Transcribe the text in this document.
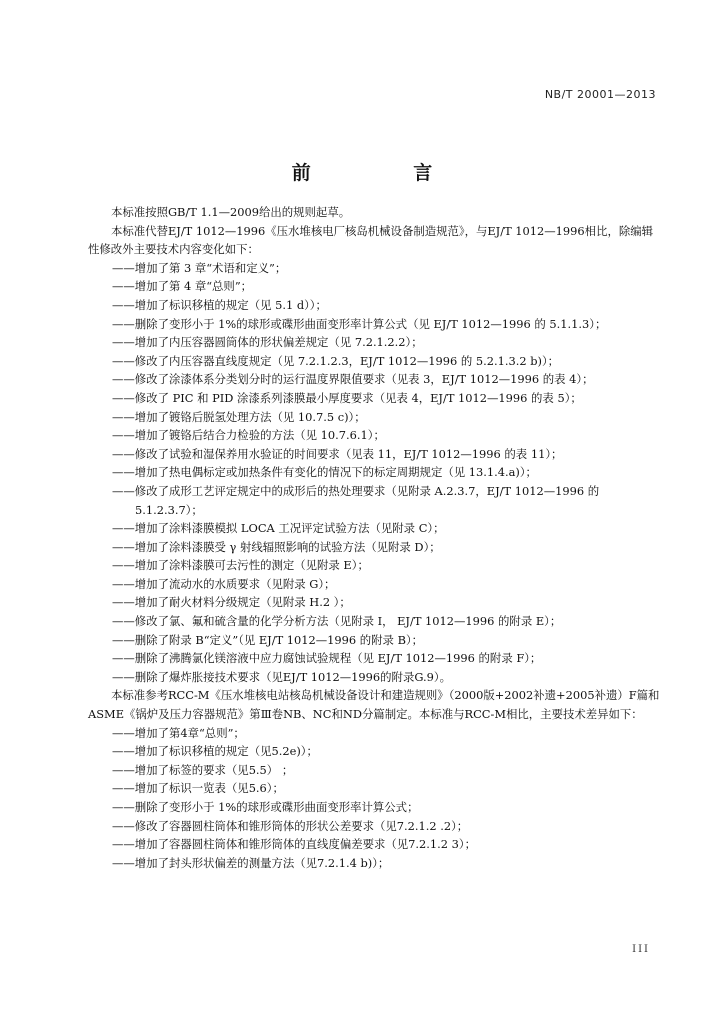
NB/T 20001—2013
前 言

本标准按照GB/T 1.1—2009给出的规则起草。

本标准代替EJ/T 1012—1996《压水堆核电厂核岛机械设备制造规范》，与EJ/T 1012—1996相比，除编辑性修改外主要技术内容变化如下：

——增加了第 3 章“术语和定义”；

——增加了第 4 章“总则”；

——增加了标识移植的规定（见 5.1 d））；

——删除了变形小于 1%的球形或碟形曲面变形率计算公式（见 EJ/T 1012—1996 的 5.1.1.3）；

——增加了内压容器圆筒体的形状偏差规定（见 7.2.1.2.2）；

——修改了内压容器直线度规定（见 7.2.1.2.3，EJ/T 1012—1996 的 5.2.1.3.2 b)）；

——修改了涂漆体系分类划分时的运行温度界限值要求（见表 3，EJ/T 1012—1996 的表 4）；

——修改了 PIC 和 PID 涂漆系列漆膜最小厚度要求（见表 4，EJ/T 1012—1996 的表 5）；

——增加了镀铬后脱氢处理方法（见 10.7.5 c)）；

——增加了镀铬后结合力检验的方法（见 10.7.6.1）；

——修改了试验和湿保养用水验证的时间要求（见表 11，EJ/T 1012—1996 的表 11）；

——增加了热电偶标定或加热条件有变化的情况下的标定周期规定（见 13.1.4.a)）；

——修改了成形工艺评定规定中的成形后的热处理要求（见附录 A.2.3.7，EJ/T 1012—1996 的

5.1.2.3.7）；

——增加了涂料漆膜模拟 LOCA 工况评定试验方法（见附录 C）；

——增加了涂料漆膜受 γ 射线辐照影响的试验方法（见附录 D）；

——增加了涂料漆膜可去污性的测定（见附录 E）；

——增加了流动水的水质要求（见附录 G）；

——增加了耐火材料分级规定（见附录 H.2 ）；

——修改了氯、氟和硫含量的化学分析方法（见附录 I， EJ/T 1012—1996 的附录 E）；

——删除了附录 B“定义”（见 EJ/T 1012—1996 的附录 B）；

——删除了沸腾氯化镁溶液中应力腐蚀试验规程（见 EJ/T 1012—1996 的附录 F）；

——删除了爆炸胀接技术要求（见EJ/T 1012—1996的附录G.9）。

本标准参考RCC-M《压水堆核电站核岛机械设备设计和建造规则》（2000版+2002补遗+2005补遗）F篇和ASME《锅炉及压力容器规范》第Ⅲ卷NB、NC和ND分篇制定。本标准与RCC-M相比，主要技术差异如下：

——增加了第4章“总则”；

——增加了标识移植的规定（见5.2e)）；

——增加了标签的要求（见5.5） ；

——增加了标识一览表（见5.6）；

——删除了变形小于 1%的球形或碟形曲面变形率计算公式；

——修改了容器圆柱筒体和锥形筒体的形状公差要求（见7.2.1.2 .2）；

——增加了容器圆柱筒体和锥形筒体的直线度偏差要求（见7.2.1.2 3）；

——增加了封头形状偏差的测量方法（见7.2.1.4 b)）；

III
